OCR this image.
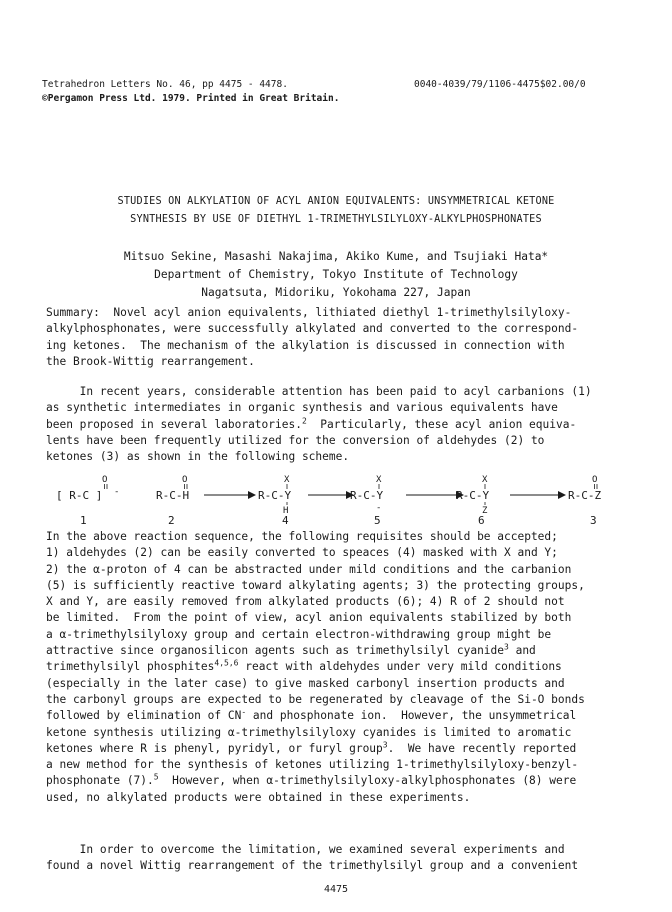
Tetrahedron Letters No. 46, pp 4475 - 4478.
©Pergamon Press Ltd. 1979. Printed in Great Britain.
0040-4039/79/1106-4475$02.00/0
STUDIES ON ALKYLATION OF ACYL ANION EQUIVALENTS: UNSYMMETRICAL KETONE
SYNTHESIS BY USE OF DIETHYL 1-TRIMETHYLSILYLOXY-ALKYLPHOSPHONATES
Mitsuo Sekine, Masashi Nakajima, Akiko Kume, and Tsujiaki Hata*
Department of Chemistry, Tokyo Institute of Technology
Nagatsuta, Midoriku, Yokohama 227, Japan
Summary:  Novel acyl anion equivalents, lithiated diethyl 1-trimethylsilyloxy-
alkylphosphonates, were successfully alkylated and converted to the correspond-
ing ketones.  The mechanism of the alkylation is discussed in connection with
the Brook-Wittig rearrangement.
In recent years, considerable attention has been paid to acyl carbanions (1)
as synthetic intermediates in organic synthesis and various equivalents have
been proposed in several laboratories.$^2$  Particularly, these acyl anion equiva-
lents have been frequently utilized for the conversion of aldehydes (2) to
ketones (3) as shown in the following scheme.
O
[ R-C ] -
1
O
R-C-H
2
X
R-C-Y
H
4
X
R-C-Y
-
5
X
R-C-Y
Z
6
O
R-C-Z
3
In the above reaction sequence, the following requisites should be accepted;
1) aldehydes (2) can be easily converted to speaces (4) masked with X and Y;
2) the α-proton of 4 can be abstracted under mild conditions and the carbanion
(5) is sufficiently reactive toward alkylating agents; 3) the protecting groups,
X and Y, are easily removed from alkylated products (6); 4) R of 2 should not
be limited.  From the point of view, acyl anion equivalents stabilized by both
a α-trimethylsilyloxy group and certain electron-withdrawing group might be
attractive since organosilicon agents such as trimethylsilyl cyanide$^3$ and
trimethylsilyl phosphites$^{4,5,6}$ react with aldehydes under very mild conditions
(especially in the later case) to give masked carbonyl insertion products and
the carbonyl groups are expected to be regenerated by cleavage of the Si-O bonds
followed by elimination of CN- and phosphonate ion.  However, the unsymmetrical
ketone synthesis utilizing α-trimethylsilyloxy cyanides is limited to aromatic
ketones where R is phenyl, pyridyl, or furyl group$^3$.  We have recently reported
a new method for the synthesis of ketones utilizing 1-trimethylsilyloxy-benzyl-
phosphonate (7).$^5$  However, when α-trimethylsilyloxy-alkylphosphonates (8) were
used, no alkylated products were obtained in these experiments.
In order to overcome the limitation, we examined several experiments and
found a novel Wittig rearrangement of the trimethylsilyl group and a convenient
4475
